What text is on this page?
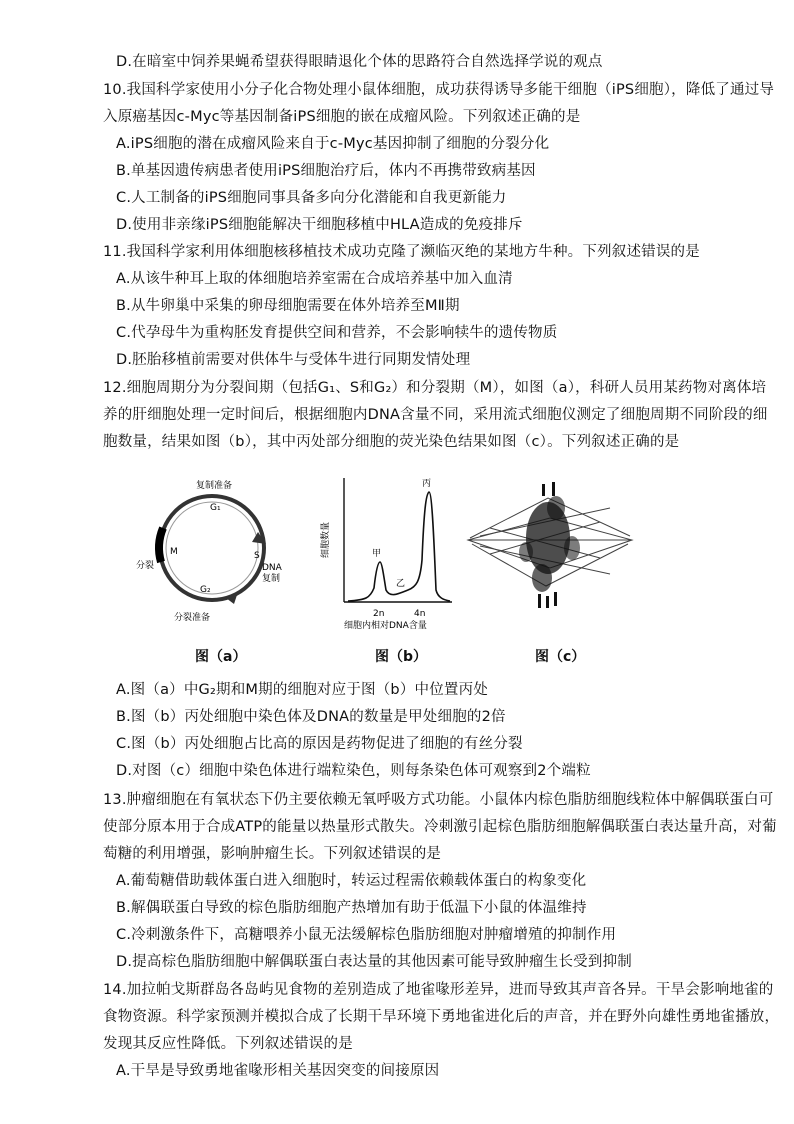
D.在暗室中饲养果蝇希望获得眼睛退化个体的思路符合自然选择学说的观点
10.我国科学家使用小分子化合物处理小鼠体细胞，成功获得诱导多能干细胞（iPS细胞），降低了通过导
入原癌基因c-Myc等基因制备iPS细胞的嵌在成瘤风险。下列叙述正确的是
A.iPS细胞的潜在成瘤风险来自于c-Myc基因抑制了细胞的分裂分化
B.单基因遗传病患者使用iPS细胞治疗后，体内不再携带致病基因
C.人工制备的iPS细胞同事具备多向分化潜能和自我更新能力
D.使用非亲缘iPS细胞能解决干细胞移植中HLA造成的免疫排斥
11.我国科学家利用体细胞核移植技术成功克隆了濒临灭绝的某地方牛种。下列叙述错误的是
A.从该牛种耳上取的体细胞培养室需在合成培养基中加入血清
B.从牛卵巢中采集的卵母细胞需要在体外培养至MⅡ期
C.代孕母牛为重构胚发育提供空间和营养，不会影响犊牛的遗传物质
D.胚胎移植前需要对供体牛与受体牛进行同期发情处理
12.细胞周期分为分裂间期（包括G₁、S和G₂）和分裂期（M），如图（a），科研人员用某药物对离体培
养的肝细胞处理一定时间后，根据细胞内DNA含量不同，采用流式细胞仪测定了细胞周期不同阶段的细
胞数量，结果如图（b），其中丙处部分细胞的荧光染色结果如图（c）。下列叙述正确的是
复制准备
G₁
DNA
复制
S
M
G₂
分裂
分裂准备
细胞数量
2n	4n
细胞内相对DNA含量
甲
乙
丙
图（a）	图（b）	图（c）
A.图（a）中G₂期和M期的细胞对应于图（b）中位置丙处
B.图（b）丙处细胞中染色体及DNA的数量是甲处细胞的2倍
C.图（b）丙处细胞占比高的原因是药物促进了细胞的有丝分裂
D.对图（c）细胞中染色体进行端粒染色，则每条染色体可观察到2个端粒
13.肿瘤细胞在有氧状态下仍主要依赖无氧呼吸方式功能。小鼠体内棕色脂肪细胞线粒体中解偶联蛋白可
使部分原本用于合成ATP的能量以热量形式散失。冷刺激引起棕色脂肪细胞解偶联蛋白表达量升高，对葡
萄糖的利用增强，影响肿瘤生长。下列叙述错误的是
A.葡萄糖借助载体蛋白进入细胞时，转运过程需依赖载体蛋白的构象变化
B.解偶联蛋白导致的棕色脂肪细胞产热增加有助于低温下小鼠的体温维持
C.冷刺激条件下，高糖喂养小鼠无法缓解棕色脂肪细胞对肿瘤增殖的抑制作用
D.提高棕色脂肪细胞中解偶联蛋白表达量的其他因素可能导致肿瘤生长受到抑制
14.加拉帕戈斯群岛各岛屿见食物的差别造成了地雀喙形差异，进而导致其声音各异。干旱会影响地雀的
食物资源。科学家预测并模拟合成了长期干旱环境下勇地雀进化后的声音，并在野外向雄性勇地雀播放，
发现其反应性降低。下列叙述错误的是
A.干旱是导致勇地雀喙形相关基因突变的间接原因
